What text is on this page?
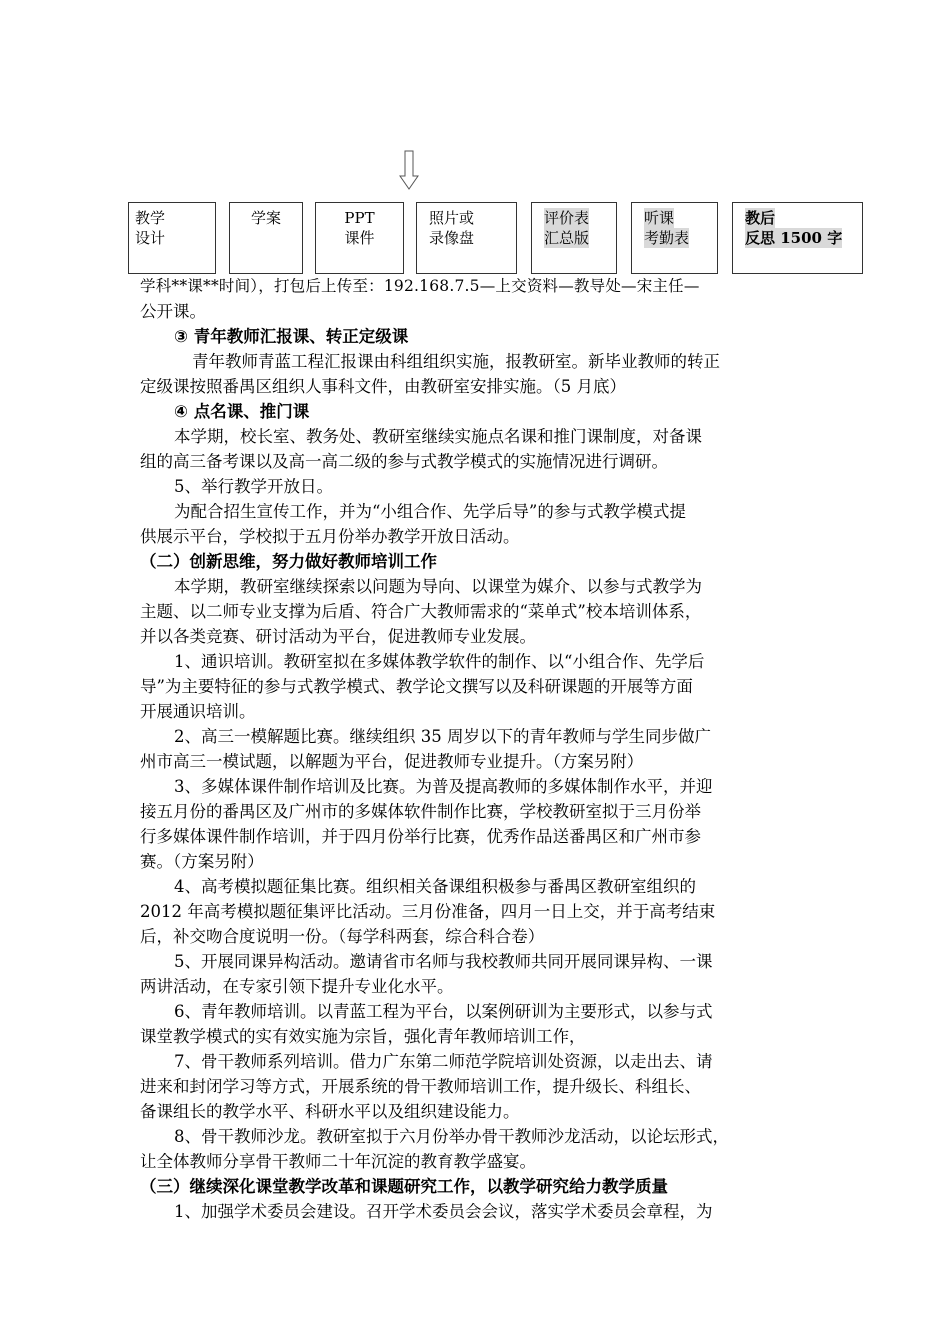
建
教学
设计
学案	PPT
课件
照片或
录像盘
评价表
汇总版
听课
考勤表
教后
反思 1500 字
学科**课**时间），打包后上传至：192.168.7.5—上交资料—教导处—宋主任—
公开课。
③ 青年教师汇报课、转正定级课
青年教师青蓝工程汇报课由科组组织实施，报教研室。新毕业教师的转正
定级课按照番禺区组织人事科文件，由教研室安排实施。（5 月底）
④ 点名课、推门课
本学期，校长室、教务处、教研室继续实施点名课和推门课制度，对备课
组的高三备考课以及高一高二级的参与式教学模式的实施情况进行调研。
5、举行教学开放日。
为配合招生宣传工作，并为“小组合作、先学后导”的参与式教学模式提
供展示平台，学校拟于五月份举办教学开放日活动。
（二）创新思维，努力做好教师培训工作
本学期，教研室继续探索以问题为导向、以课堂为媒介、以参与式教学为
主题、以二师专业支撑为后盾、符合广大教师需求的“菜单式”校本培训体系，
并以各类竞赛、研讨活动为平台，促进教师专业发展。
1、通识培训。教研室拟在多媒体教学软件的制作、以“小组合作、先学后
导”为主要特征的参与式教学模式、教学论文撰写以及科研课题的开展等方面
开展通识培训。
2、高三一模解题比赛。继续组织 35 周岁以下的青年教师与学生同步做广
州市高三一模试题，以解题为平台，促进教师专业提升。（方案另附）
3、多媒体课件制作培训及比赛。为普及提高教师的多媒体制作水平，并迎
接五月份的番禺区及广州市的多媒体软件制作比赛，学校教研室拟于三月份举
行多媒体课件制作培训，并于四月份举行比赛，优秀作品送番禺区和广州市参
赛。（方案另附）
4、高考模拟题征集比赛。组织相关备课组积极参与番禺区教研室组织的
2012 年高考模拟题征集评比活动。三月份准备，四月一日上交，并于高考结束
后，补交吻合度说明一份。（每学科两套，综合科合卷）
5、开展同课异构活动。邀请省市名师与我校教师共同开展同课异构、一课
两讲活动，在专家引领下提升专业化水平。
6、青年教师培训。以青蓝工程为平台，以案例研训为主要形式，以参与式
课堂教学模式的实有效实施为宗旨，强化青年教师培训工作，
7、骨干教师系列培训。借力广东第二师范学院培训处资源，以走出去、请
进来和封闭学习等方式，开展系统的骨干教师培训工作，提升级长、科组长、
备课组长的教学水平、科研水平以及组织建设能力。
8、骨干教师沙龙。教研室拟于六月份举办骨干教师沙龙活动，以论坛形式，
让全体教师分享骨干教师二十年沉淀的教育教学盛宴。
（三）继续深化课堂教学改革和课题研究工作，以教学研究给力教学质量
1、加强学术委员会建设。召开学术委员会会议，落实学术委员会章程，为
